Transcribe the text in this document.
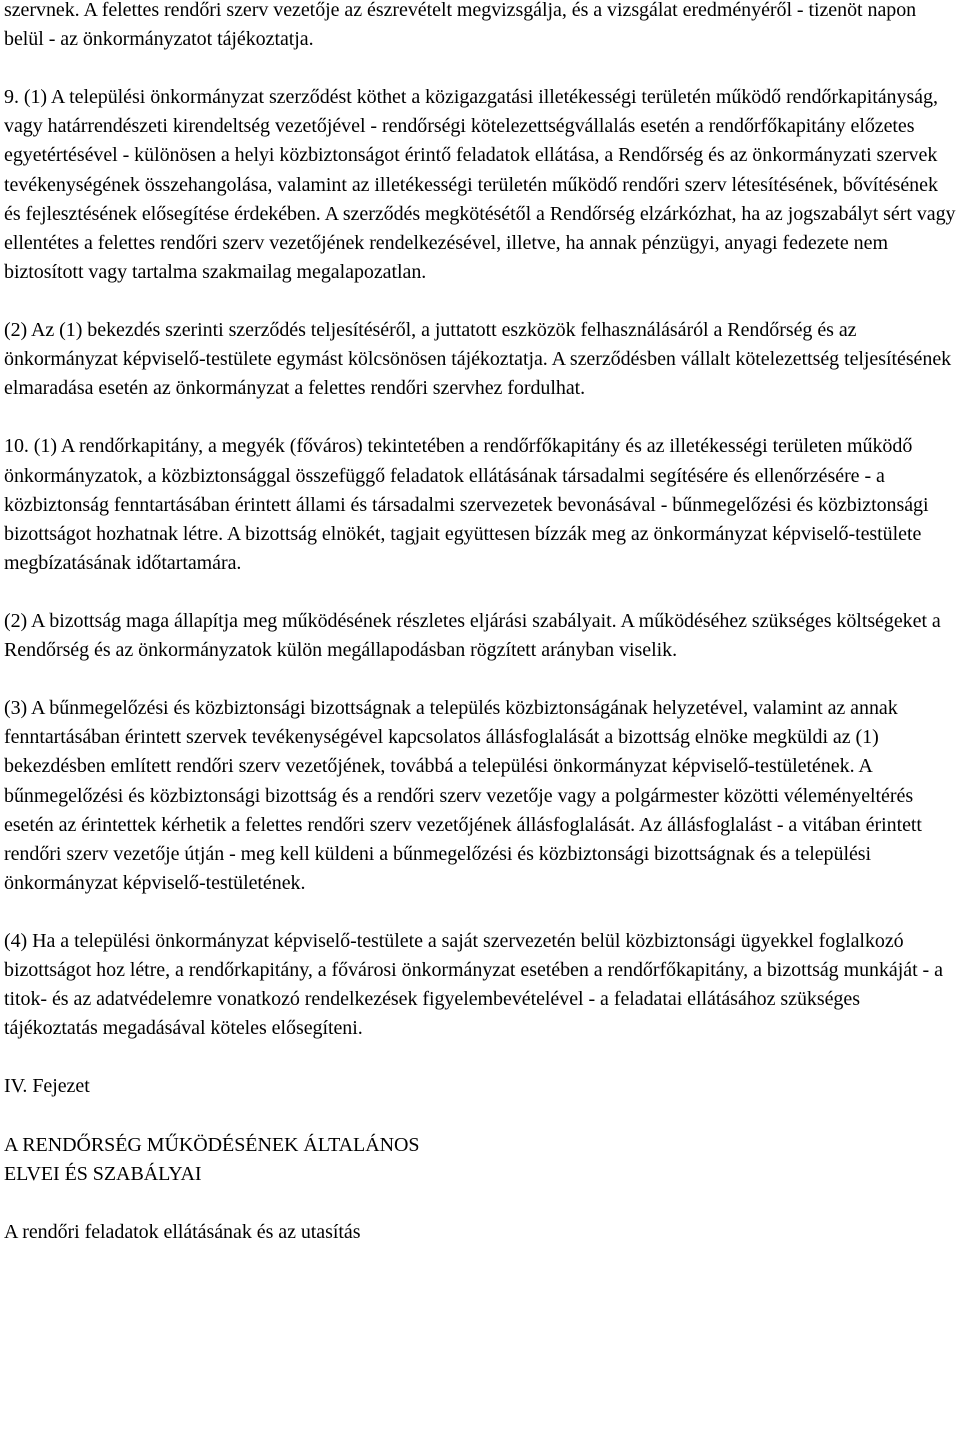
szervnek. A felettes rendőri szerv vezetője az észrevételt megvizsgálja, és a vizsgálat eredményéről - tizenöt napon belül - az önkormányzatot tájékoztatja.

9. (1) A települési önkormányzat szerződést köthet a közigazgatási illetékességi területén működő rendőrkapitányság, vagy határrendészeti kirendeltség vezetőjével - rendőrségi kötelezettségvállalás esetén a rendőrfőkapitány előzetes egyetértésével - különösen a helyi közbiztonságot érintő feladatok ellátása, a Rendőrség és az önkormányzati szervek tevékenységének összehangolása, valamint az illetékességi területén működő rendőri szerv létesítésének, bővítésének és fejlesztésének elősegítése érdekében. A szerződés megkötésétől a Rendőrség elzárkózhat, ha az jogszabályt sért vagy ellentétes a felettes rendőri szerv vezetőjének rendelkezésével, illetve, ha annak pénzügyi, anyagi fedezete nem biztosított vagy tartalma szakmailag megalapozatlan.

(2) Az (1) bekezdés szerinti szerződés teljesítéséről, a juttatott eszközök felhasználásáról a Rendőrség és az önkormányzat képviselő-testülete egymást kölcsönösen tájékoztatja. A szerződésben vállalt kötelezettség teljesítésének elmaradása esetén az önkormányzat a felettes rendőri szervhez fordulhat.

10. (1) A rendőrkapitány, a megyék (főváros) tekintetében a rendőrfőkapitány és az illetékességi területen működő önkormányzatok, a közbiztonsággal összefüggő feladatok ellátásának társadalmi segítésére és ellenőrzésére - a közbiztonság fenntartásában érintett állami és társadalmi szervezetek bevonásával - bűnmegelőzési és közbiztonsági bizottságot hozhatnak létre. A bizottság elnökét, tagjait együttesen bízzák meg az önkormányzat képviselő-testülete megbízatásának időtartamára.

(2) A bizottság maga állapítja meg működésének részletes eljárási szabályait. A működéséhez szükséges költségeket a Rendőrség és az önkormányzatok külön megállapodásban rögzített arányban viselik.

(3) A bűnmegelőzési és közbiztonsági bizottságnak a település közbiztonságának helyzetével, valamint az annak fenntartásában érintett szervek tevékenységével kapcsolatos állásfoglalását a bizottság elnöke megküldi az (1) bekezdésben említett rendőri szerv vezetőjének, továbbá a települési önkormányzat képviselő-testületének. A bűnmegelőzési és közbiztonsági bizottság és a rendőri szerv vezetője vagy a polgármester közötti véleményeltérés esetén az érintettek kérhetik a felettes rendőri szerv vezetőjének állásfoglalását. Az állásfoglalást - a vitában érintett rendőri szerv vezetője útján - meg kell küldeni a bűnmegelőzési és közbiztonsági bizottságnak és a települési önkormányzat képviselő-testületének.

(4) Ha a települési önkormányzat képviselő-testülete a saját szervezetén belül közbiztonsági ügyekkel foglalkozó bizottságot hoz létre, a rendőrkapitány, a fővárosi önkormányzat esetében a rendőrfőkapitány, a bizottság munkáját - a titok- és az adatvédelemre vonatkozó rendelkezések figyelembevételével - a feladatai ellátásához szükséges tájékoztatás megadásával köteles elősegíteni.

IV. Fejezet

A RENDŐRSÉG MŰKÖDÉSÉNEK ÁLTALÁNOS
ELVEI ÉS SZABÁLYAI

A rendőri feladatok ellátásának és az utasítás
